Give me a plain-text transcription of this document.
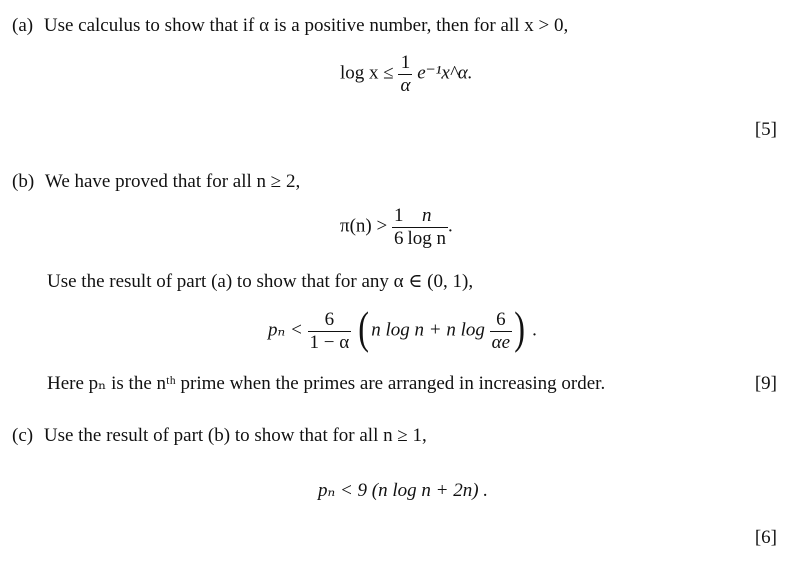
(a) Use calculus to show that if α is a positive number, then for all x > 0,
$\log x \le \frac{1}{\alpha}$ e⁻¹x^α.
[5]
(b) We have proved that for all n ≥ 2,
$\pi(n) > \frac{1}{6} \frac{n}{\text{log n}}$ .
Use the result of part (a) to show that for any α ∈ (0, 1),
$p_n < \frac{6}{1 - \alpha}$ ( n log n + n $\log \frac{6}{\alpha e}$ ) .
Here pₙ is the nᵗʰ prime when the primes are arranged in increasing order.	[9]
(c) Use the result of part (b) to show that for all n ≥ 1,
pₙ < 9 (n log n + 2n) .
[6]
